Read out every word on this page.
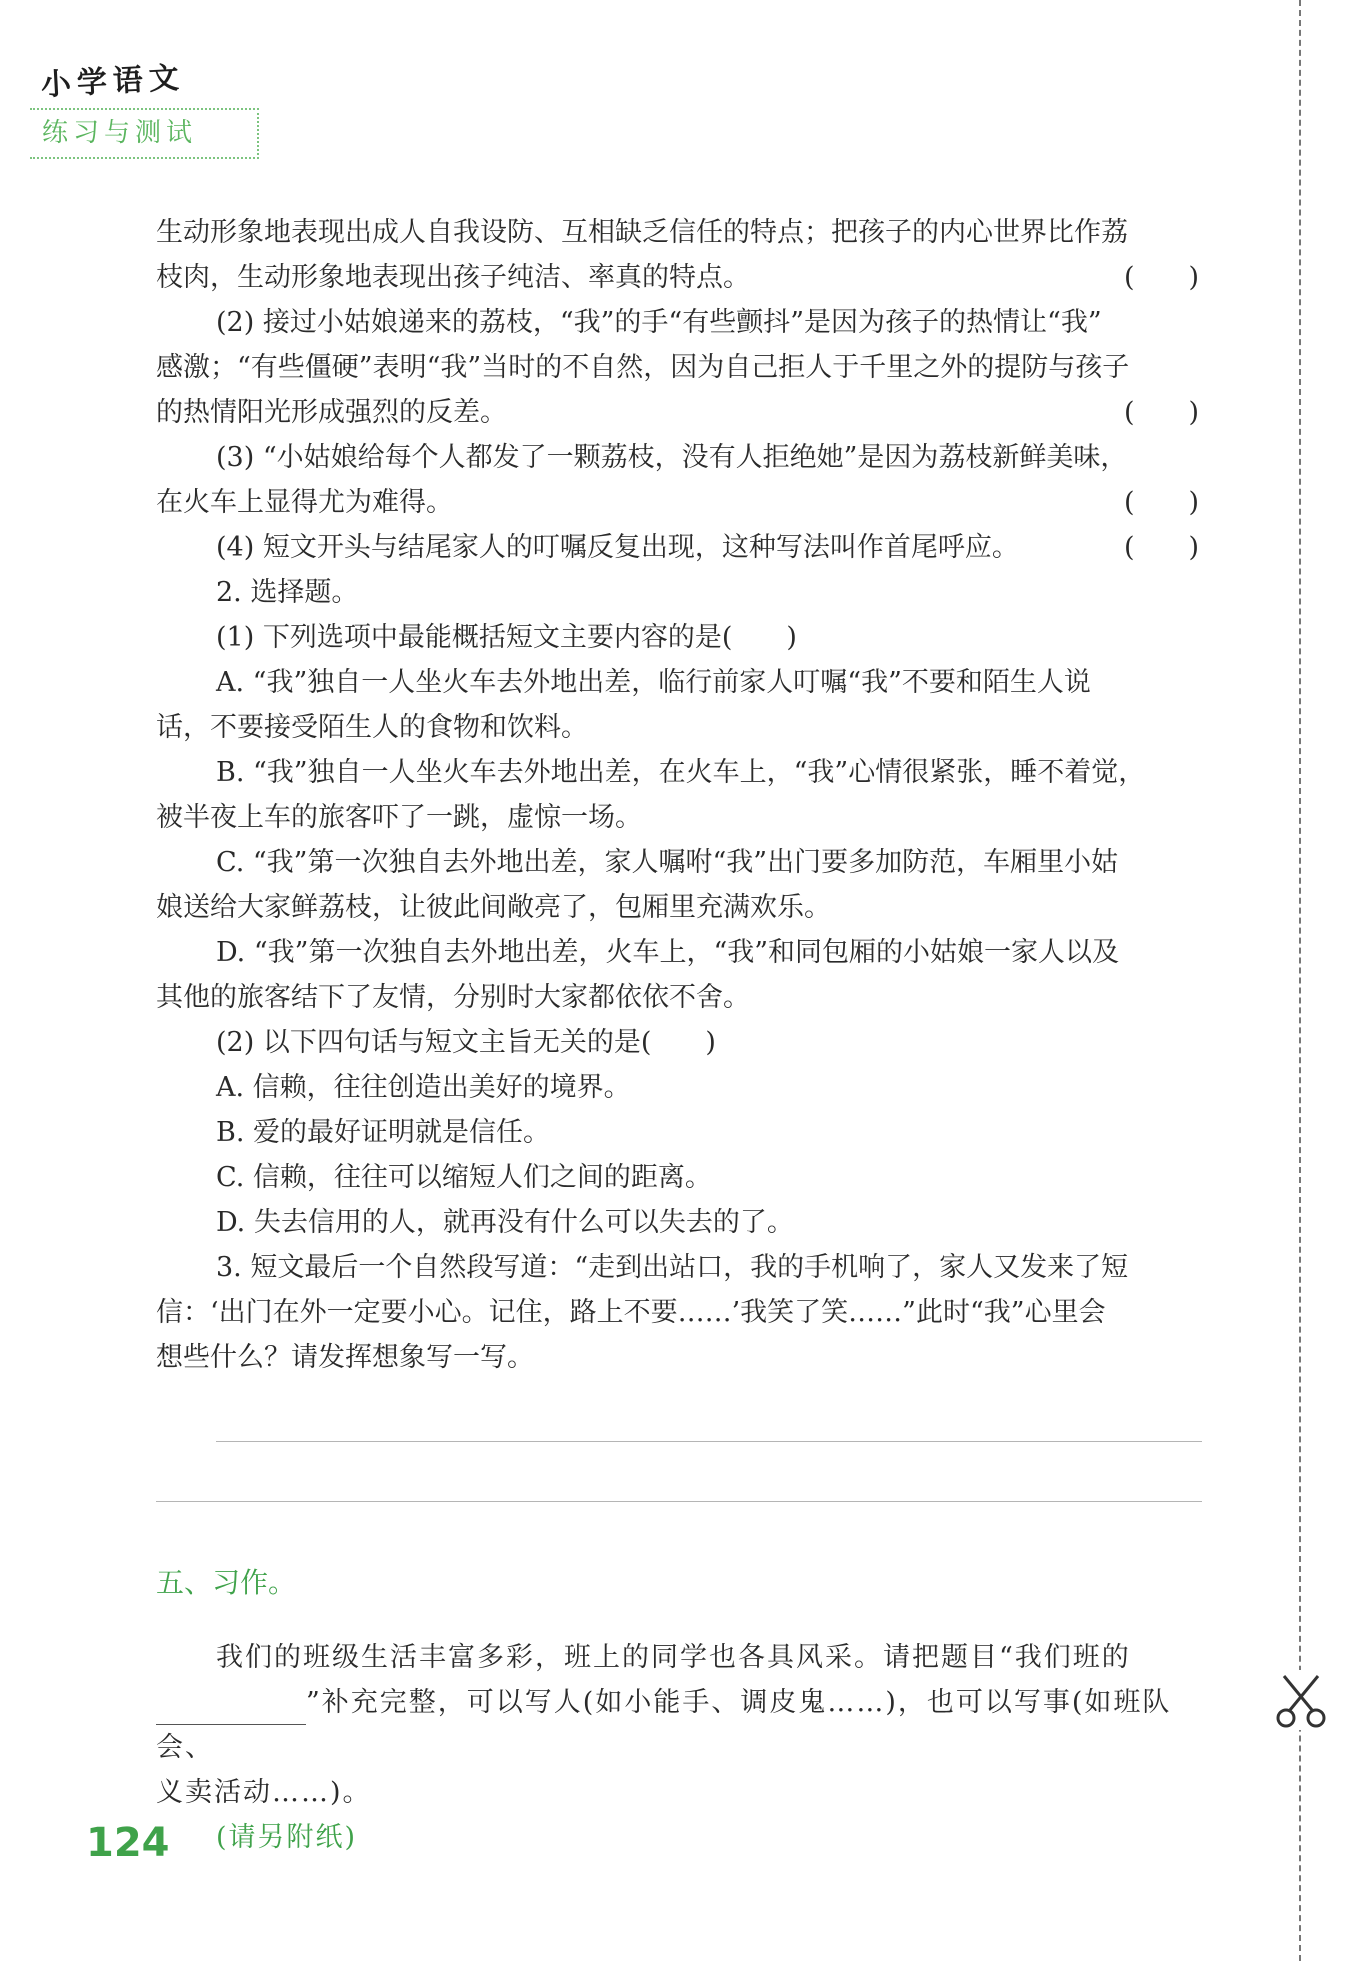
小学语文
练习与测试

生动形象地表现出成人自我设防、互相缺乏信任的特点；把孩子的内心世界比作荔

枝肉，生动形象地表现出孩子纯洁、率真的特点。	(　　)

(2) 接过小姑娘递来的荔枝，“我”的手“有些颤抖”是因为孩子的热情让“我”

感激；“有些僵硬”表明“我”当时的不自然，因为自己拒人于千里之外的提防与孩子

的热情阳光形成强烈的反差。	(　　)

(3) “小姑娘给每个人都发了一颗荔枝，没有人拒绝她”是因为荔枝新鲜美味，

在火车上显得尤为难得。	(　　)
(4) 短文开头与结尾家人的叮嘱反复出现，这种写法叫作首尾呼应。	(　　)

2. 选择题。

(1) 下列选项中最能概括短文主要内容的是(　　)

A. “我”独自一人坐火车去外地出差，临行前家人叮嘱“我”不要和陌生人说

话，不要接受陌生人的食物和饮料。

B. “我”独自一人坐火车去外地出差，在火车上，“我”心情很紧张，睡不着觉，

被半夜上车的旅客吓了一跳，虚惊一场。

C. “我”第一次独自去外地出差，家人嘱咐“我”出门要多加防范，车厢里小姑

娘送给大家鲜荔枝，让彼此间敞亮了，包厢里充满欢乐。

D. “我”第一次独自去外地出差，火车上，“我”和同包厢的小姑娘一家人以及

其他的旅客结下了友情，分别时大家都依依不舍。

(2) 以下四句话与短文主旨无关的是(　　)

A. 信赖，往往创造出美好的境界。

B. 爱的最好证明就是信任。

C. 信赖，往往可以缩短人们之间的距离。

D. 失去信用的人，就再没有什么可以失去的了。

3. 短文最后一个自然段写道：“走到出站口，我的手机响了，家人又发来了短

信：‘出门在外一定要小心。记住，路上不要……’我笑了笑……”此时“我”心里会

想些什么？请发挥想象写一写。

五、习作。

我们的班级生活丰富多彩，班上的同学也各具风采。请把题目“我们班的

”补充完整，可以写人(如小能手、调皮鬼……)，也可以写事(如班队会、

义卖活动……)。

(请另附纸)

124
